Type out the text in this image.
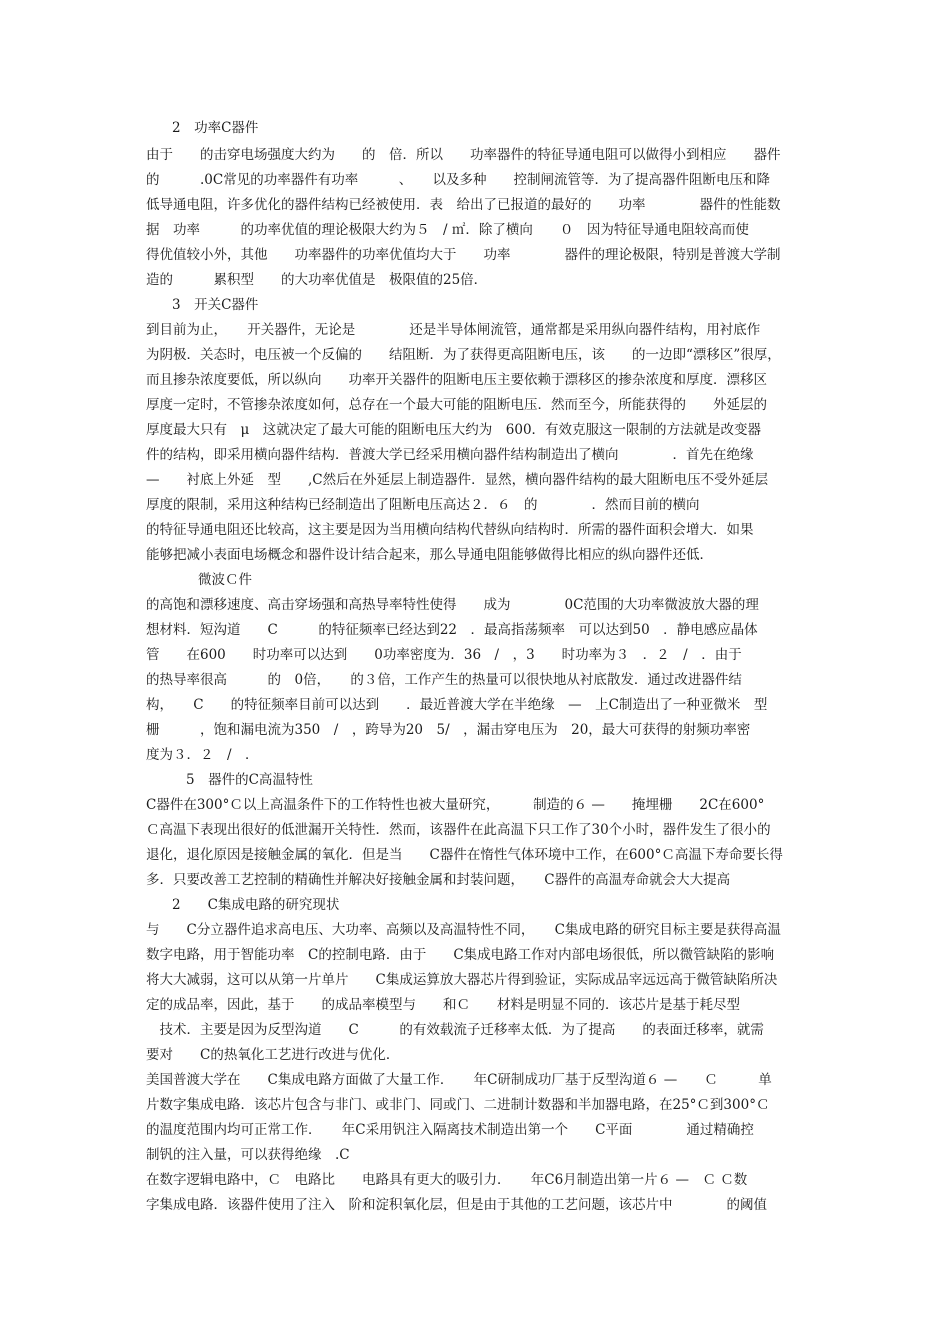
2　功率C器件
由于　　的击穿电场强度大约为　　的　倍．所以　　功率器件的特征导通电阻可以做得小到相应　　器件
的　　　.0C常见的功率器件有功率　　　、　　以及多种　　控制闸流管等．为了提高器件阻断电压和降
低导通电阻，许多优化的器件结构已经被使用．表　给出了已报道的最好的　　功率　　　　器件的性能数
据　功率　　　的功率优值的理论极限大约为５　/ ㎡．除了横向　　０　因为特征导通电阻较高而使
得优值较小外，其他　　功率器件的功率优值均大于　　功率　　　　器件的理论极限，特别是普渡大学制
造的　　　累积型　　的大功率优值是　极限值的25倍．
3　开关C器件
到目前为止，　　开关器件，无论是　　　　还是半导体闸流管，通常都是采用纵向器件结构，用衬底作
为阴极．关态时，电压被一个反偏的　　结阻断．为了获得更高阻断电压，该　　的一边即“漂移区”很厚，
而且掺杂浓度要低，所以纵向　　功率开关器件的阻断电压主要依赖于漂移区的掺杂浓度和厚度．漂移区
厚度一定时，不管掺杂浓度如何，总存在一个最大可能的阻断电压．然而至今，所能获得的　　外延层的
厚度最大只有　μ　这就决定了最大可能的阻断电压大约为　600．有效克服这一限制的方法就是改变器
件的结构，即采用横向器件结构．普渡大学已经采用横向器件结构制造出了横向　　　　．首先在绝缘
—　　衬底上外延　型　　,C然后在外延层上制造器件．显然，横向器件结构的最大阻断电压不受外延层
厚度的限制，采用这种结构已经制造出了阻断电压高达２．６　的　　　　．然而目前的横向
的特征导通电阻还比较高，这主要是因为当用横向结构代替纵向结构时．所需的器件面积会增大．如果
能够把减小表面电场概念和器件设计结合起来，那么导通电阻能够做得比相应的纵向器件还低．
微波Ｃ件
的高饱和漂移速度、高击穿场强和高热导率特性使得　　成为　　　　0C范围的大功率微波放大器的理
想材料．短沟道　　C　　　的特征频率已经达到22　．最高指荡频率　可以达到50　．静电感应晶体
管　　在600　　时功率可以达到　　0功率密度为．36　/　，3　　时功率为３　．２　/　．由于
的热导率很高　　　的　0倍，　　的３倍，工作产生的热量可以很快地从衬底散发．通过改进器件结
构，　　C　　的特征频率目前可以达到　　．最近普渡大学在半绝缘　—　上C制造出了一种亚微米　型
栅　　　，饱和漏电流为350　/　，跨导为20　5/　，漏击穿电压为　20，最大可获得的射频功率密
度为３．２　/　．
5　器件的C高温特性
C器件在300°Ｃ以上高温条件下的工作特性也被大量研究，　　　制造的６ —　　掩埋栅　　2C在600°
Ｃ高温下表现出很好的低泄漏开关特性．然而，该器件在此高温下只工作了30个小时，器件发生了很小的
退化，退化原因是接触金属的氧化．但是当　　C器件在惰性气体环境中工作，在600°Ｃ高温下寿命要长得
多．只要改善工艺控制的精确性并解决好接触金属和封装问题，　　C器件的高温寿命就会大大提高
2　　C集成电路的研究现状
与　　C分立器件追求高电压、大功率、高频以及高温特性不同，　　C集成电路的研究目标主要是获得高温
数字电路，用于智能功率　C的控制电路．由于　　C集成电路工作对内部电场很低，所以微管缺陷的影响
将大大减弱，这可以从第一片单片　　C集成运算放大器芯片得到验证，实际成品宰远远高于微管缺陷所决
定的成品率，因此，基于　　的成品率模型与　　和Ｃ　　材料是明显不同的．该芯片是基于耗尽型
　技术．主要是因为反型沟道　　C　　　的有效载流子迁移率太低．为了提高　　的表面迁移率，就需
要对　　C的热氧化工艺进行改进与优化．
美国普渡大学在　　C集成电路方面做了大量工作．　　年C研制成功厂基于反型沟道６ —　　Ｃ　　　单
片数字集成电路．该芯片包含与非门、或非门、同或门、二进制计数器和半加器电路，在25°Ｃ到300°Ｃ
的温度范围内均可正常工作．　　年C采用钒注入隔离技术制造出第一个　　C平面　　　　通过精确控
制钒的注入量，可以获得绝缘　.C
在数字逻辑电路中，Ｃ　电路比　　电路具有更大的吸引力．　　年C6月制造出第一片６ —　Ｃ Ｃ数
字集成电路．该器件使用了注入　阶和淀积氧化层，但是由于其他的工艺问题，该芯片中　　　　的阈值
